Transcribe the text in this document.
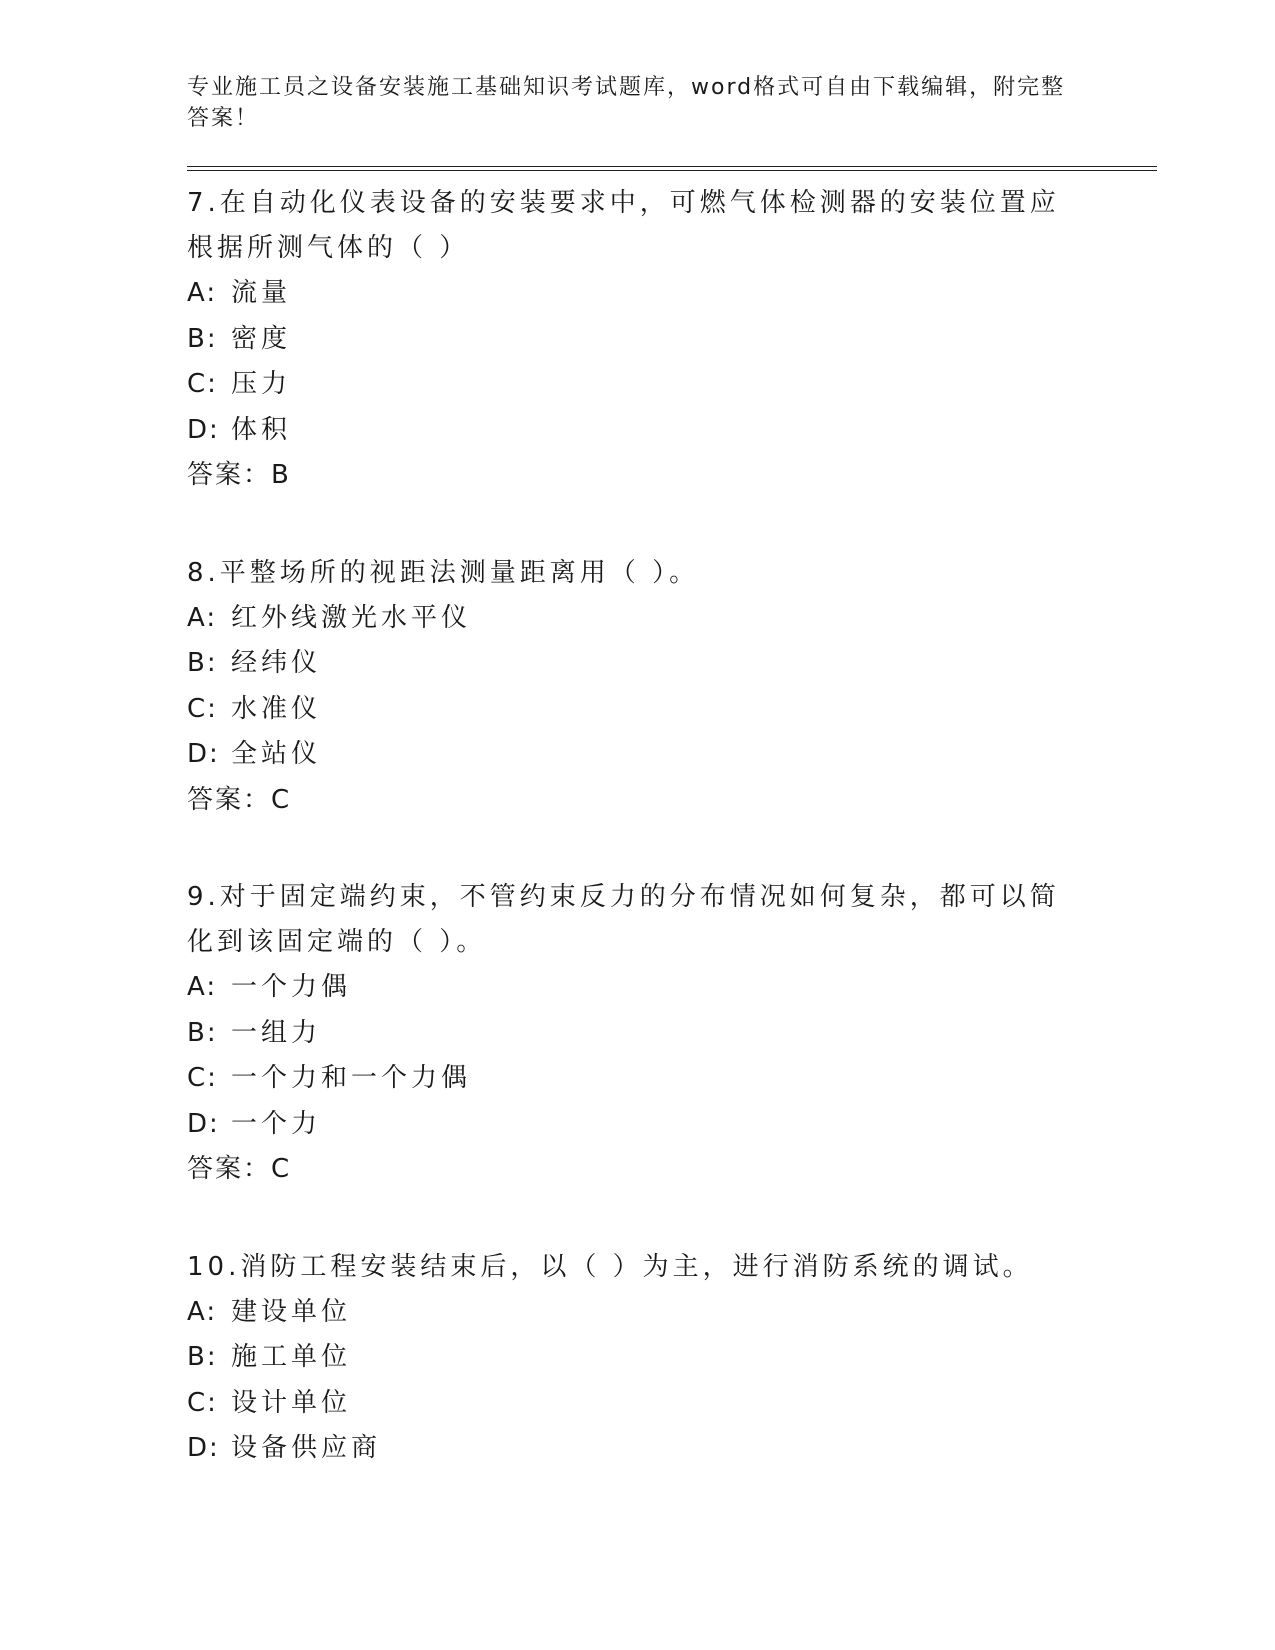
专业施工员之设备安装施工基础知识考试题库，word格式可自由下载编辑，附完整答案！

7.在自动化仪表设备的安装要求中，可燃气体检测器的安装位置应根据所测气体的（ ）

A: 流量

B: 密度

C: 压力

D: 体积

答案：B

8.平整场所的视距法测量距离用（ ）。

A: 红外线激光水平仪

B: 经纬仪

C: 水准仪

D: 全站仪

答案：C

9.对于固定端约束，不管约束反力的分布情况如何复杂，都可以简化到该固定端的（ ）。

A: 一个力偶

B: 一组力

C: 一个力和一个力偶

D: 一个力

答案：C

10.消防工程安装结束后，以（ ）为主，进行消防系统的调试。

A: 建设单位

B: 施工单位

C: 设计单位

D: 设备供应商
